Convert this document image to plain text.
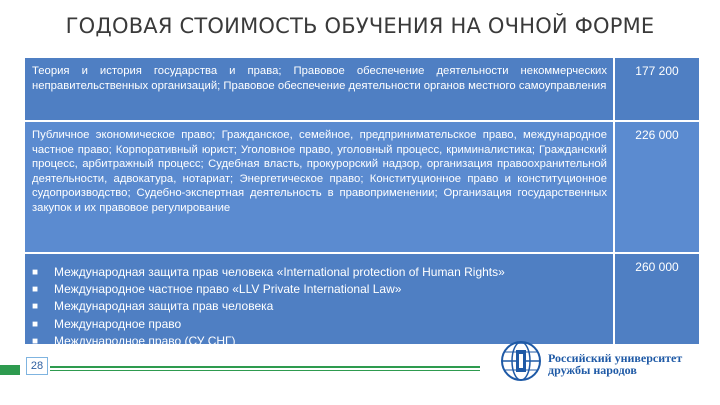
ГОДОВАЯ СТОИМОСТЬ ОБУЧЕНИЯ НА ОЧНОЙ ФОРМЕ
Теория и история государства и права; Правовое обеспечение деятельности некоммерческих неправительственных организаций; Правовое обеспечение деятельности органов местного самоуправления
177 200
Публичное экономическое право; Гражданское, семейное, предпринимательское право, международное частное право; Корпоративный юрист; Уголовное право, уголовный процесс, криминалистика; Гражданский процесс, арбитражный процесс; Судебная власть, прокурорский надзор, организация правоохранительной деятельности, адвокатура, нотариат; Энергетическое право; Конституционное право и конституционное судопроизводство; Судебно-экспертная деятельность в правоприменении; Организация государственных закупок и их правовое регулирование
226 000
■	Международная защита прав человека «International protection of Human Rights»
■	Международное частное право «LLV Private International Law»
■	Международная защита прав человека
■	Международное право
■	Международное право (СУ СНГ)
260 000
28
Российский университет
дружбы народов
